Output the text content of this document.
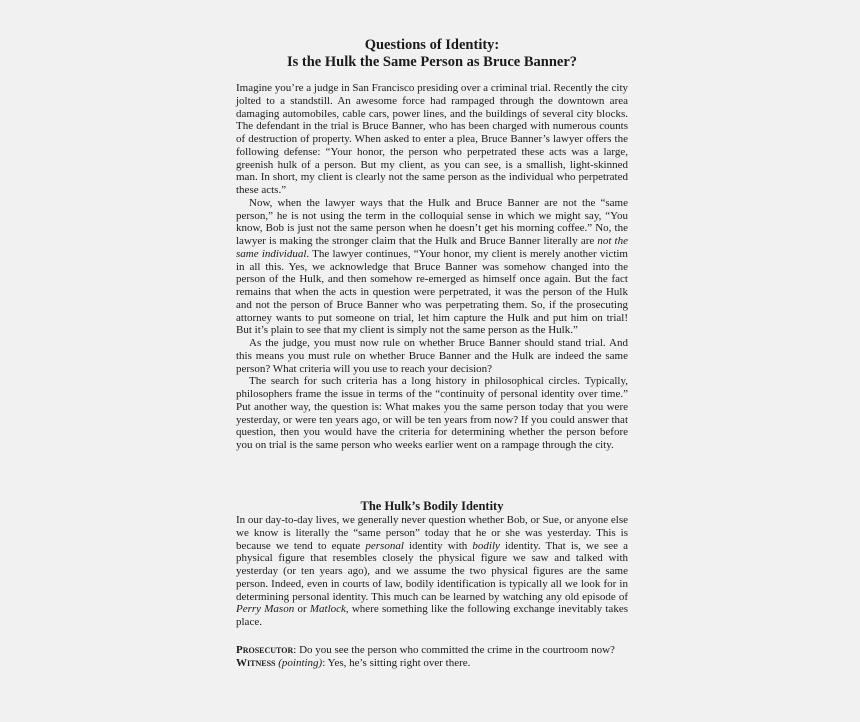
Questions of Identity:
Is the Hulk the Same Person as Bruce Banner?

Imagine you’re a judge in San Francisco presiding over a criminal trial. Recently the city jolted to a standstill. An awesome force had rampaged through the downtown area damaging automobiles, cable cars, power lines, and the buildings of several city blocks. The defendant in the trial is Bruce Banner, who has been charged with numerous counts of destruction of property. When asked to enter a plea, Bruce Banner’s lawyer offers the following defense: “Your honor, the person who perpetrated these acts was a large, greenish hulk of a person. But my client, as you can see, is a smallish, light-skinned man. In short, my client is clearly not the same person as the individual who perpetrated these acts.”

Now, when the lawyer ways that the Hulk and Bruce Banner are not the “same person,” he is not using the term in the colloquial sense in which we might say, “You know, Bob is just not the same person when he doesn’t get his morning coffee.” No, the lawyer is making the stronger claim that the Hulk and Bruce Banner literally are not the same individual. The lawyer continues, “Your honor, my client is merely another victim in all this. Yes, we acknowledge that Bruce Banner was somehow changed into the person of the Hulk, and then somehow re-emerged as himself once again. But the fact remains that when the acts in question were perpetrated, it was the person of the Hulk and not the person of Bruce Banner who was perpetrating them. So, if the prosecuting attorney wants to put someone on trial, let him capture the Hulk and put him on trial! But it’s plain to see that my client is simply not the same person as the Hulk.”

As the judge, you must now rule on whether Bruce Banner should stand trial. And this means you must rule on whether Bruce Banner and the Hulk are indeed the same person? What criteria will you use to reach your decision?

The search for such criteria has a long history in philosophical circles. Typically, philosophers frame the issue in terms of the “continuity of personal identity over time.” Put another way, the question is: What makes you the same person today that you were yesterday, or were ten years ago, or will be ten years from now? If you could answer that question, then you would have the criteria for determining whether the person before you on trial is the same person who weeks earlier went on a rampage through the city.

The Hulk’s Bodily Identity

In our day-to-day lives, we generally never question whether Bob, or Sue, or anyone else we know is literally the “same person” today that he or she was yesterday. This is because we tend to equate personal identity with bodily identity. That is, we see a physical figure that resembles closely the physical figure we saw and talked with yesterday (or ten years ago), and we assume the two physical figures are the same person. Indeed, even in courts of law, bodily identification is typically all we look for in determining personal identity. This much can be learned by watching any old episode of Perry Mason or Matlock, where something like the following exchange inevitably takes place.

Prosecutor: Do you see the person who committed the crime in the courtroom now?

Witness (pointing): Yes, he’s sitting right over there.
